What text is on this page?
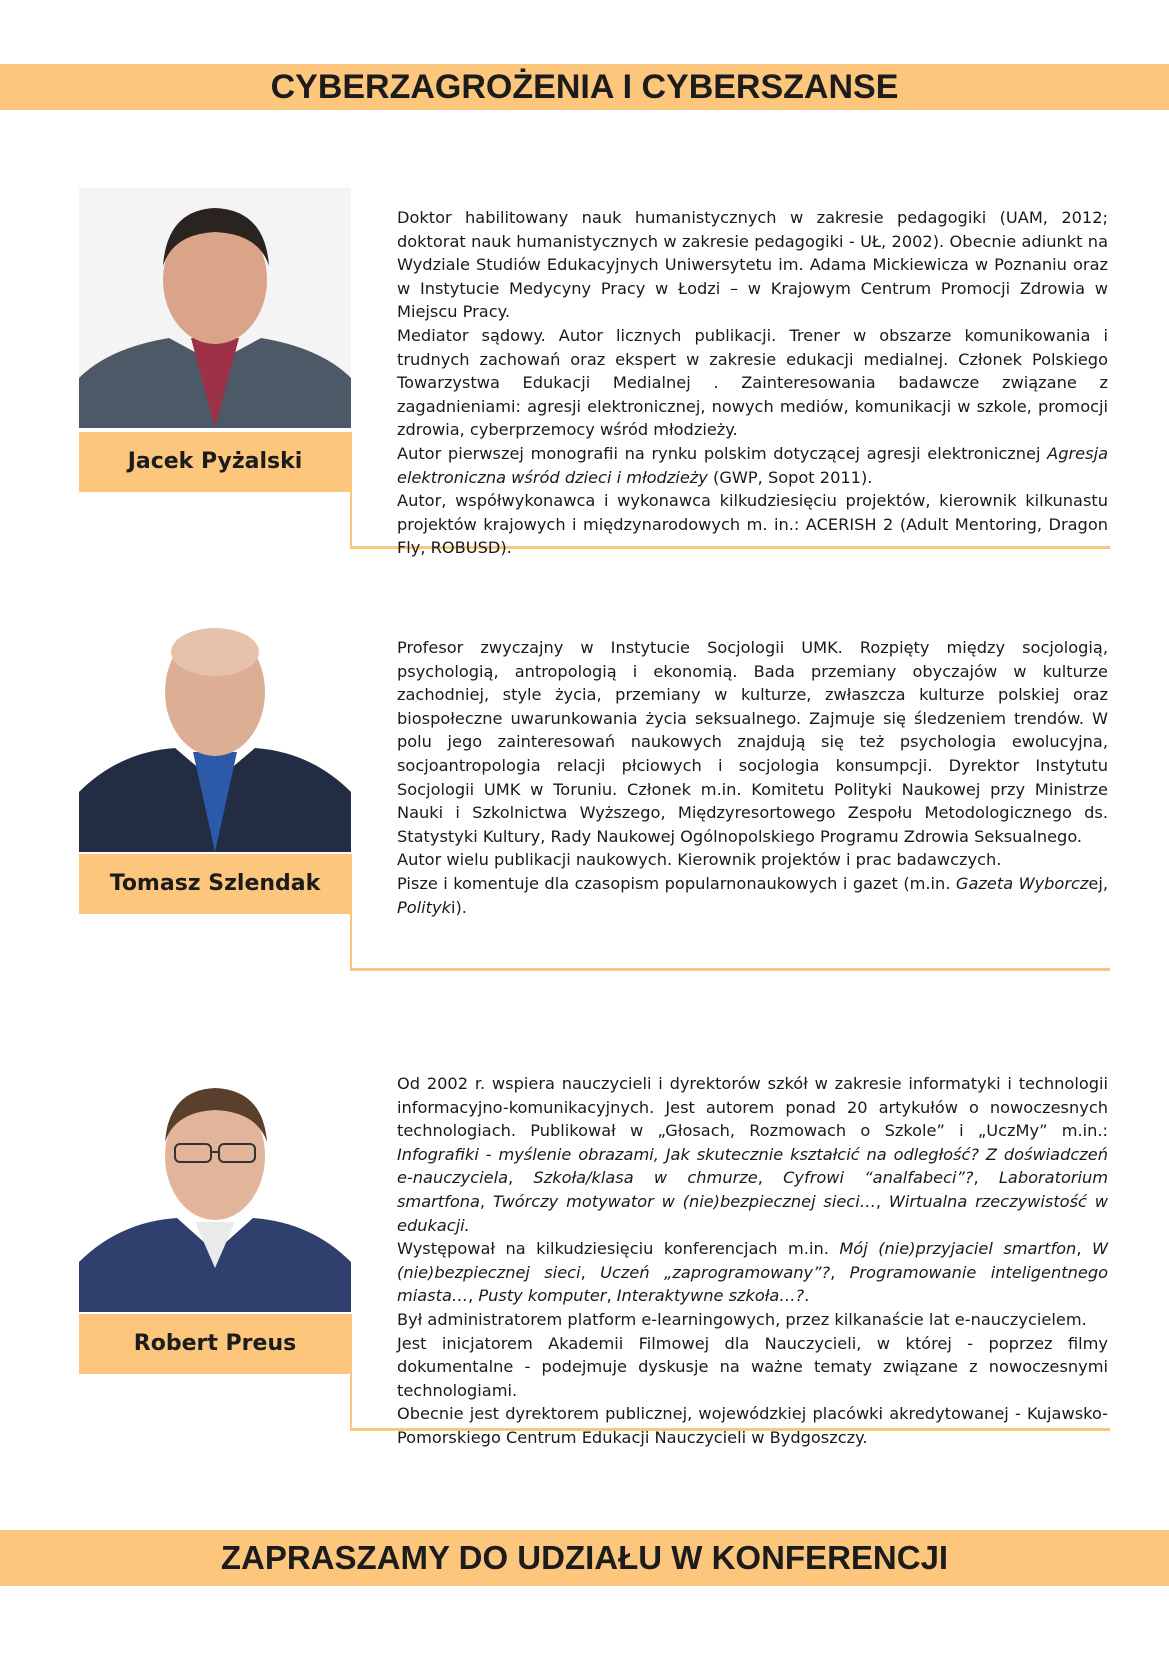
CYBERZAGROŻENIA I CYBERSZANSE
Jacek Pyżalski

Doktor habilitowany nauk humanistycznych w zakresie pedagogiki (UAM, 2012; doktorat nauk humanistycznych w zakresie pedagogiki - UŁ, 2002). Obecnie adiunkt na Wydziale Studiów Edukacyjnych Uniwersytetu im. Adama Mickiewicza w Poznaniu oraz w Instytucie Medycyny Pracy w Łodzi – w Krajowym Centrum Promocji Zdrowia w Miejscu Pracy.

Mediator sądowy. Autor licznych publikacji. Trener w obszarze komunikowania i trudnych zachowań oraz ekspert w zakresie edukacji medialnej. Członek Polskiego Towarzystwa Edukacji Medialnej . Zainteresowania badawcze związane z zagadnieniami: agresji elektronicznej, nowych mediów, komunikacji w szkole, promocji zdrowia, cyberprzemocy wśród młodzieży.

Autor pierwszej monografii na rynku polskim dotyczącej agresji elektronicznej Agresja elektroniczna wśród dzieci i młodzieży (GWP, Sopot 2011).

Autor, współwykonawca i wykonawca kilkudziesięciu projektów, kierownik kilkunastu projektów krajowych i międzynarodowych m. in.: ACERISH 2 (Adult Mentoring, Dragon Fly, ROBUSD).

Tomasz Szlendak

Profesor zwyczajny w Instytucie Socjologii UMK. Rozpięty między socjologią, psychologią, antropologią i ekonomią. Bada przemiany obyczajów w kulturze zachodniej, style życia, przemiany w kulturze, zwłaszcza kulturze polskiej oraz biospołeczne uwarunkowania życia seksualnego. Zajmuje się śledzeniem trendów. W polu jego zainteresowań naukowych znajdują się też psychologia ewolucyjna, socjoantropologia relacji płciowych i socjologia konsumpcji. Dyrektor Instytutu Socjologii UMK w Toruniu. Członek m.in. Komitetu Polityki Naukowej przy Ministrze Nauki i Szkolnictwa Wyższego, Międzyresortowego Zespołu Metodologicznego ds. Statystyki Kultury, Rady Naukowej Ogólnopolskiego Programu Zdrowia Seksualnego.

Autor wielu publikacji naukowych. Kierownik projektów i prac badawczych.

Pisze i komentuje dla czasopism popularnonaukowych i gazet (m.in. Gazeta Wyborczej, Polityki).

Robert Preus

Od 2002 r. wspiera nauczycieli i dyrektorów szkół w zakresie informatyki i technologii informacyjno-komunikacyjnych. Jest autorem ponad 20 artykułów o nowoczesnych technologiach. Publikował w „Głosach, Rozmowach o Szkole” i „UczMy” m.in.: Infografiki - myślenie obrazami, Jak skutecznie kształcić na odległość? Z doświadczeń e-nauczyciela, Szkoła/klasa w chmurze, Cyfrowi “analfabeci”?, Laboratorium smartfona, Twórczy motywator w (nie)bezpiecznej sieci…, Wirtualna rzeczywistość w edukacji.

Występował na kilkudziesięciu konferencjach m.in. Mój (nie)przyjaciel smartfon, W (nie)bezpiecznej sieci, Uczeń „zaprogramowany”?, Programowanie inteligentnego miasta…, Pusty komputer, Interaktywne szkoła…?.

Był administratorem platform e-learningowych, przez kilkanaście lat e-nauczycielem.

Jest inicjatorem Akademii Filmowej dla Nauczycieli, w której - poprzez filmy dokumentalne - podejmuje dyskusje na ważne tematy związane z nowoczesnymi technologiami.

Obecnie jest dyrektorem publicznej, wojewódzkiej placówki akredytowanej - Kujawsko-Pomorskiego Centrum Edukacji Nauczycieli w Bydgoszczy.

ZAPRASZAMY DO UDZIAŁU W KONFERENCJI
